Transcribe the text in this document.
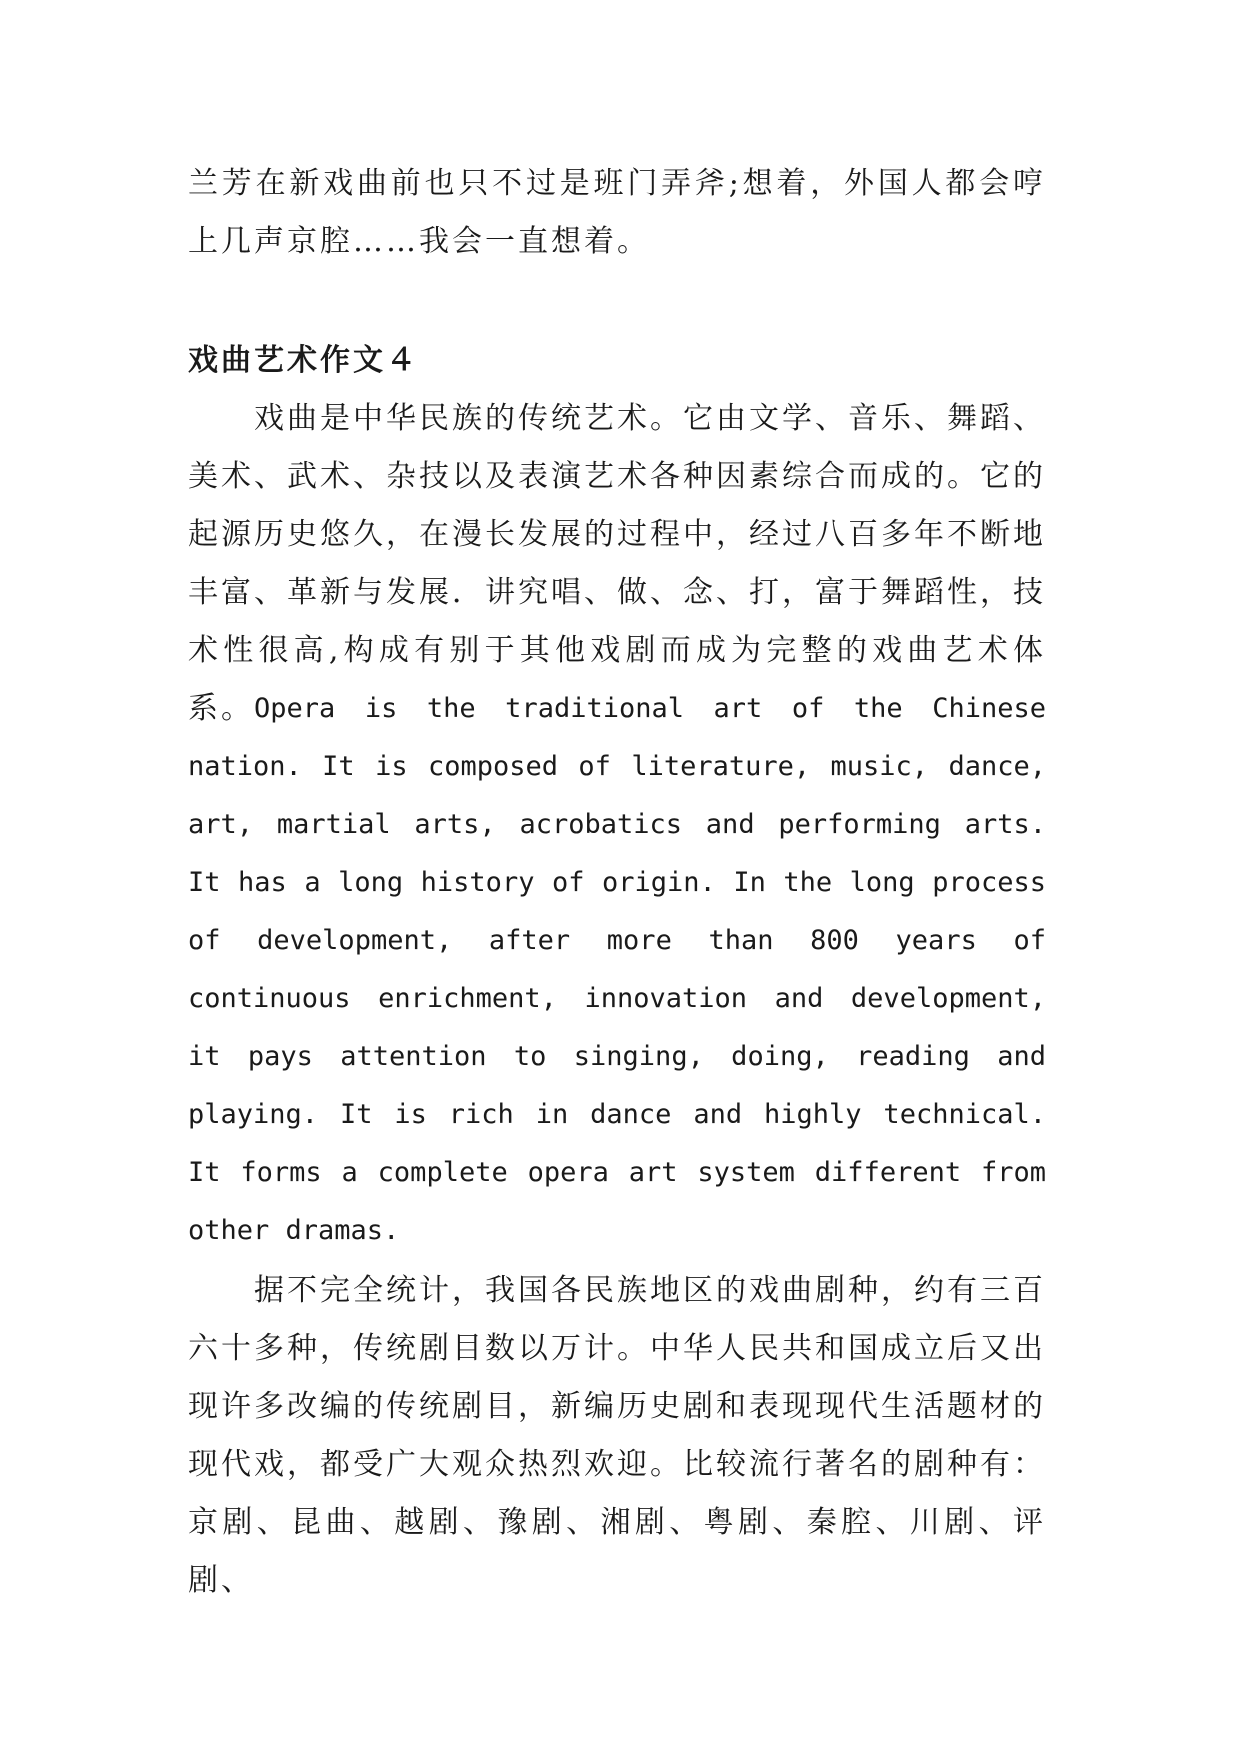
兰芳在新戏曲前也只不过是班门弄斧;想着，外国人都会哼上几声京腔……我会一直想着。

戏曲艺术作文４

戏曲是中华民族的传统艺术。它由文学、音乐、舞蹈、美术、武术、杂技以及表演艺术各种因素综合而成的。它的起源历史悠久，在漫长发展的过程中，经过八百多年不断地丰富、革新与发展．讲究唱、做、念、打，富于舞蹈性，技术性很高,构成有别于其他戏剧而成为完整的戏曲艺术体系。 Opera is the traditional art of the Chinese nation. It is composed of literature, music, dance, art, martial arts, acrobatics and performing arts. It has a long history of origin. In the long process of development, after more than 800 years of continuous enrichment, innovation and development, it pays attention to singing, doing, reading and playing. It is rich in dance and highly technical. It forms a complete opera art system different from other dramas.

据不完全统计，我国各民族地区的戏曲剧种，约有三百六十多种，传统剧目数以万计。中华人民共和国成立后又出现许多改编的传统剧目，新编历史剧和表现现代生活题材的现代戏，都受广大观众热烈欢迎。比较流行著名的剧种有：京剧、昆曲、越剧、豫剧、湘剧、粤剧、秦腔、川剧、评剧、
